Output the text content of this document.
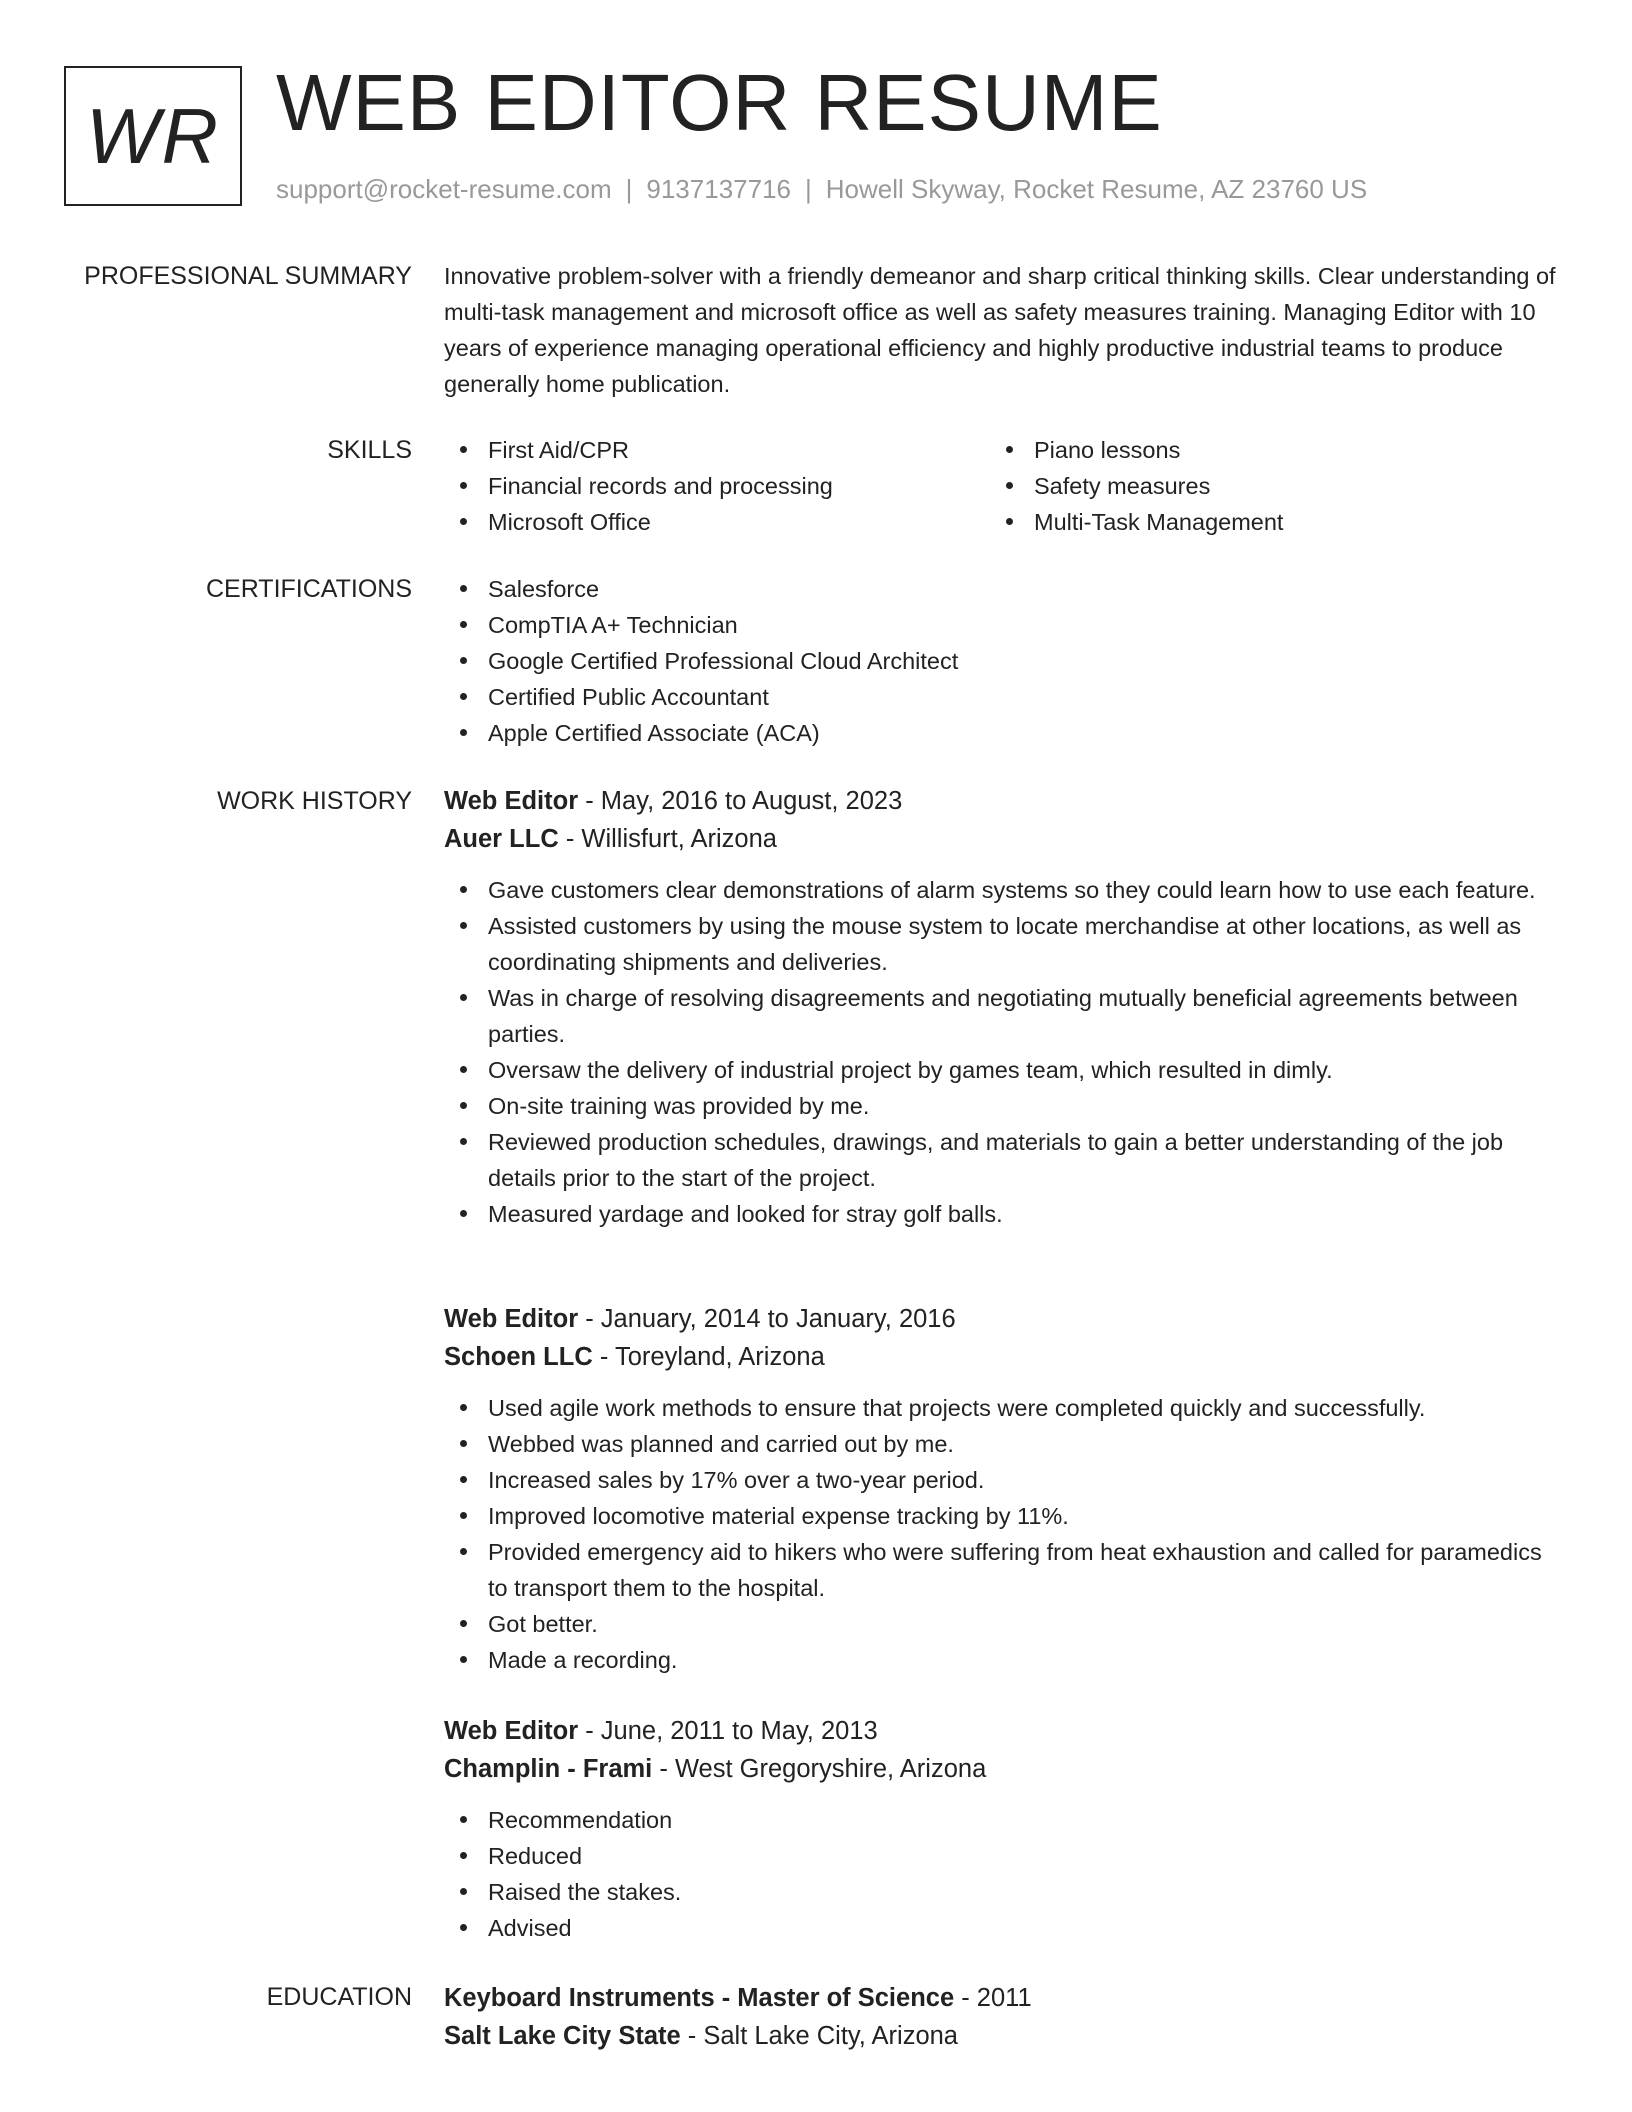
WR WEB EDITOR RESUME
support@rocket-resume.com | 9137137716 | Howell Skyway, Rocket Resume, AZ 23760 US
PROFESSIONAL SUMMARY Innovative problem-solver with a friendly demeanor and sharp critical thinking skills. Clear understanding of multi-task management and microsoft office as well as safety measures training. Managing Editor with 10 years of experience managing operational efficiency and highly productive industrial teams to produce generally home publication.

SKILLS	First Aid/CPR
Financial records and processing
Microsoft Office
Piano lessons
Safety measures
Multi-Task Management
CERTIFICATIONS	Salesforce
CompTIA A+ Technician
Google Certified Professional Cloud Architect
Certified Public Accountant
Apple Certified Associate (ACA)
WORK HISTORY Web Editor - May, 2016 to August, 2023
Auer LLC - Willisfurt, Arizona
Gave customers clear demonstrations of alarm systems so they could learn how to use each feature.
Assisted customers by using the mouse system to locate merchandise at other locations, as well as coordinating shipments and deliveries.
Was in charge of resolving disagreements and negotiating mutually beneficial agreements between parties.
Oversaw the delivery of industrial project by games team, which resulted in dimly.
On-site training was provided by me.
Reviewed production schedules, drawings, and materials to gain a better understanding of the job details prior to the start of the project.
Measured yardage and looked for stray golf balls.
Web Editor - January, 2014 to January, 2016
Schoen LLC - Toreyland, Arizona
Used agile work methods to ensure that projects were completed quickly and successfully.
Webbed was planned and carried out by me.
Increased sales by 17% over a two-year period.
Improved locomotive material expense tracking by 11%.
Provided emergency aid to hikers who were suffering from heat exhaustion and called for paramedics to transport them to the hospital.
Got better.
Made a recording.
Web Editor - June, 2011 to May, 2013
Champlin - Frami - West Gregoryshire, Arizona
Recommendation
Reduced
Raised the stakes.
Advised
EDUCATION Keyboard Instruments - Master of Science - 2011
Salt Lake City State - Salt Lake City, Arizona
